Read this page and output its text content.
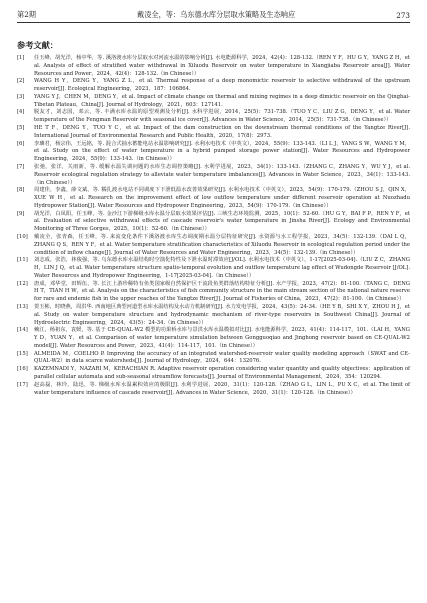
第2期	戴凌全，等：乌东德水库分层取水策略及生态响应	273
参考文献：
[1]	任玉峰，胡光洋，杨中华，等. 溪洛渡水库分层取水对河流水温的影响分析[J]. 水电能源科学，2024，42(4)：128-132.（REN Y F，HU G Y，YANG Z H，et al. Analysis of effect of stratified water withdrawal in Xiluodu Reservoir on water temperature in Xiangjiaba Reservoir area[J]. Water Resources and Power，2024，42(4)：128-132.（in Chinese））
[2]	WANG H Y，DENG Y，YANG Z L，et al. Thermal response of a deep monomictic reservoir to selective withdrawal of the upstream reservoir[J]. Ecological Engineering，2023，187：106864.
[3]	YANG Y J，CHEN M，DENG Y，et al. Impact of climate change on thermal and mixing regimes in a deep dimictic reservoir on the Qinghai-Tibetan Plateau，China[J]. Journal of Hydrology，2021，603：127141.
[4]	脱友才，刘志国，邓云，等. 丰满水库水温的原型观测及分析[J]. 水科学进展，2014，25(5)：731-738.（TUO Y C，LIU Z G，DENG Y，et al. Water temperature of the Fengman Reservoir with seasonal ice cover[J]. Advances in Water Science，2014，25(5)：731-738.（in Chinese））
[5]	HE T F，DENG Y，TUO Y C，et al. Impact of the dam construction on the downstream thermal conditions of the Yangtze River[J]. International Journal of Environmental Research and Public Health，2020，17(8)：2973.
[6]	李璘君，杨宗伟，王远铭，等. 混合式抽水蓄能电站水温影响研究[J]. 水利水电技术（中英文），2024，55(9)：133-143.（LI L J，YANG S W，WANG Y M，et al. Study on the effect of water temperature in a hybrid pumped storage power station[J]. Water Resources and Hydropower Engineering，2024，55(9)：133-143.（in Chinese））
[7]	张弛，张洋，关雨新，等. 缓解水温失调问题的水库生态调控策略[J]. 水利学进展，2023，34(1)：133-143.（ZHANG C，ZHANG Y，WU Y J，et al. Reservoir ecological regulation strategy to alleviate water temperature imbalances[J]. Advances in Water Science，2023，34(1)：133-143.（in Chinese））
[8]	周建佳，李鑫，薛文斌，等. 糯扎渡水电站不同调度下下泄低温水改善效果研究[J]. 水利水电技术（中英文），2023，54(9)：170-179.（ZHOU S J，QIN X，XUE W H，et al. Research on the improvement effect of low outflow temperature under different reservoir operation at Nuozhadu Hydropower Station[J]. Water Resources and Hydropower Engineering，2023，54(9)：170-179.（in Chinese））
[9]	胡光洋，白凤阳，任玉峰，等. 金沙江下游梯级水库水温分层取水效果评估[J]. 三峡生态环境监测，2025，10(1)：52-60.（HU G Y，BAI F P，REN Y F，et al. Evaluation of selective withdrawal effects of cascade reservoir's water temperature in Jinsha River[J]. Ecology and Environmental Monitoring of Three Gorges，2025，10(1)：52-60.（in Chinese））
[10]	戴凌全，张青森，任玉峰，等. 来流变化条件下溪洛渡水库生态调度期水温分层特征研究[J]. 水资源与水工程学报，2023，34(5)：132-139.（DAI L Q，ZHANG Q S，REN Y F，et al. Water temperature stratification characteristics of Xiluodu Reservoir in ecological regulation period under the condition of inflow change[J]. Journal of Water Resources and Water Engineering，2023，34(5)：132-139.（in Chinese））
[11]	刘志成，张浩，林俊强，等. 乌东德水库水温结构时空演化特性及下泄水温时滞效应[J/OL]. 水利水电技术（中英文），1-17[2025-03-04].（LIU Z C，ZHANG H，LIN J Q，et al. Water temperature structure spatio-temporal evolution and outflow temperature lag effect of Wudongde Reservoir [J/OL]. Water Resources and Hydropower Engineering，1-17[2025-03-04].（in Chinese））
[12]	唐成，邓华堂，田辉伍，等. 长江上游珍稀特有鱼类国家级自然保护区干流段鱼类群落结构特征分析[J]. 水产学报，2023，47(2)：81-100.（TANG C，DENG H T，TIAN H W，et al. Analysis on the characteristics of fish community structure in the main stream section of the national nature reserve for rare and endemic fish in the upper reaches of the Yangtze River[J]. Journal of Fisheries of China，2023，47(2)：81-100.（in Chinese））
[13]	贺玉彬，时晓燕，周洪华. 西南地区典型河道型水库水温结构及水动力机制研究[J]. 水力发电学报，2024，43(5)：24-34.（HE Y B，SHI X Y，ZHOU H J，et al. Study on water temperature structure and hydrodynamic mechanism of river-type reservoirs in Southwest China[J]. Journal of Hydroelectric Engineering，2024，43(5)：24-34.（in Chinese））
[14]	赖江，杨祖东，袁媛，等. 基于 CE-QUAL-W2 模型的功果桥水库与景洪水库水温模拟对比[J]. 水电能源科学，2023，41(4)：114-117，101.（LAI H，YANG Y D，YUAN Y，et al. Comparison of water temperature simulation between Gongguoqiao and Jinghong reservoir based on CE-QUAL-W2 model[J]. Water Resources and Power，2023，41(4)：114-117，101.（in Chinese））
[15]	ALMEIDA M，COELHO P. Improving the accuracy of an integrated watershed-reservoir water quality modeling approach（SWAT and CE-QUAL-W2）in data scarce watersheds[J]. Journal of Hydrology，2024，644：132076.
[16]	KAZEMNADI Y，NAZARI M，KERACHIAN R. Adaptive reservoir operation considering water quantity and quality objectives：application of parallel cellular automata and sub-seasonal streamflow forecasts[J]. Journal of Environmental Management，2024，354：120294.
[17]	赵高磊，林玲，陆迅，等. 梯级水库水温累积效应的极限[J]. 水利学进展，2020，31(1)：120-128.（ZHAO G L，LIN L，PU X C，et al. The limit of water temperature influence of cascade reservoir[J]. Advances in Water Science，2020，31(1)：120-128.（in Chinese））
